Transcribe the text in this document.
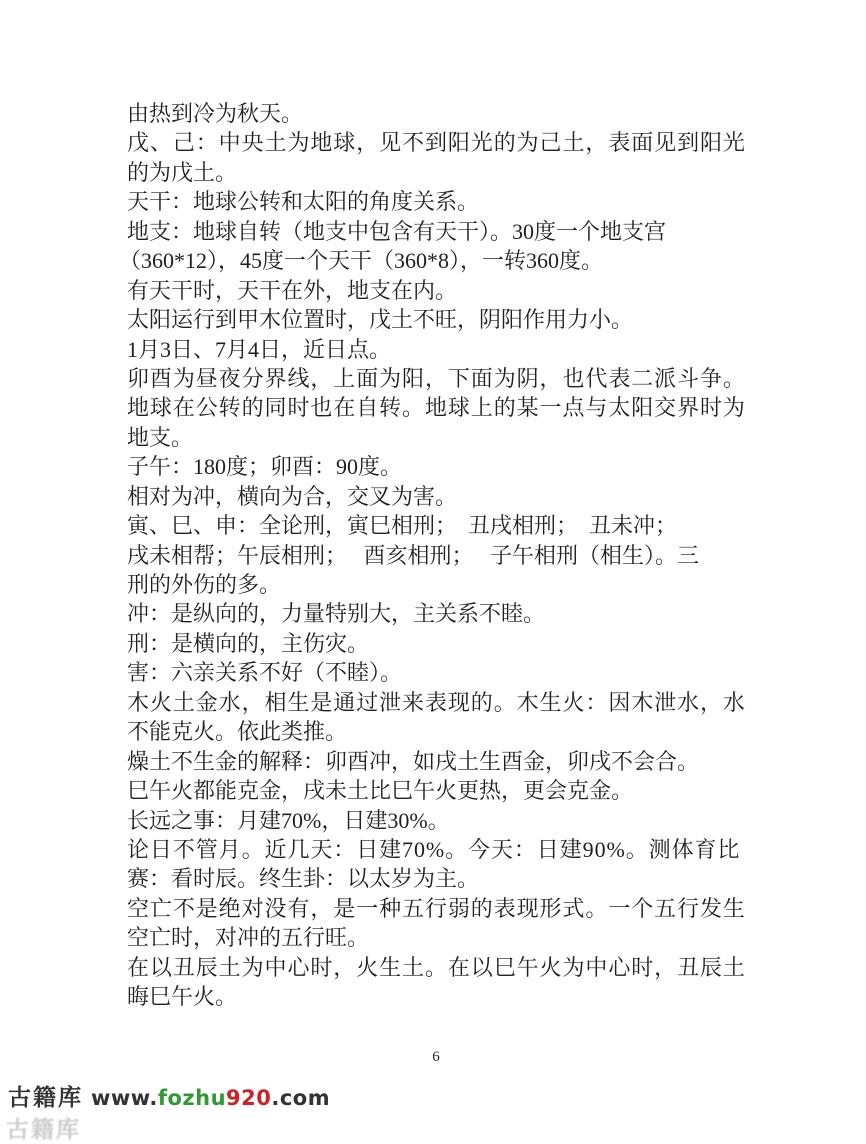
由热到冷为秋天。
戊、己：中央土为地球，见不到阳光的为己土，表面见到阳光
的为戊土。
天干：地球公转和太阳的角度关系。
地支：地球自转（地支中包含有天干）。30度一个地支宫
（360*12），45度一个天干（360*8），一转360度。
有天干时，天干在外，地支在内。
太阳运行到甲木位置时，戊土不旺，阴阳作用力小。
1月3日、7月4日，近日点。
卯酉为昼夜分界线，上面为阳，下面为阴，也代表二派斗争。
地球在公转的同时也在自转。地球上的某一点与太阳交界时为
地支。
子午：180度；卯酉：90度。
相对为冲，横向为合，交叉为害。
寅、巳、申：全论刑，寅巳相刑；　丑戌相刑；　丑未冲；
戌未相帮；午辰相刑；　 酉亥相刑；　 子午相刑（相生）。三
刑的外伤的多。
冲：是纵向的，力量特别大，主关系不睦。
刑：是横向的，主伤灾。
害：六亲关系不好（不睦）。
木火土金水，相生是通过泄来表现的。木生火：因木泄水，水
不能克火。依此类推。
燥土不生金的解释：卯酉冲，如戌土生酉金，卯戌不会合。
巳午火都能克金，戌未土比巳午火更热，更会克金。
长远之事：月建70%，日建30%。
论日不管月。近几天：日建70%。今天：日建90%。测体育比
赛：看时辰。终生卦：以太岁为主。
空亡不是绝对没有，是一种五行弱的表现形式。一个五行发生
空亡时，对冲的五行旺。
在以丑辰土为中心时，火生土。在以巳午火为中心时，丑辰土
晦巳午火。
6
古籍库 www.fozhu920.com
古籍库
